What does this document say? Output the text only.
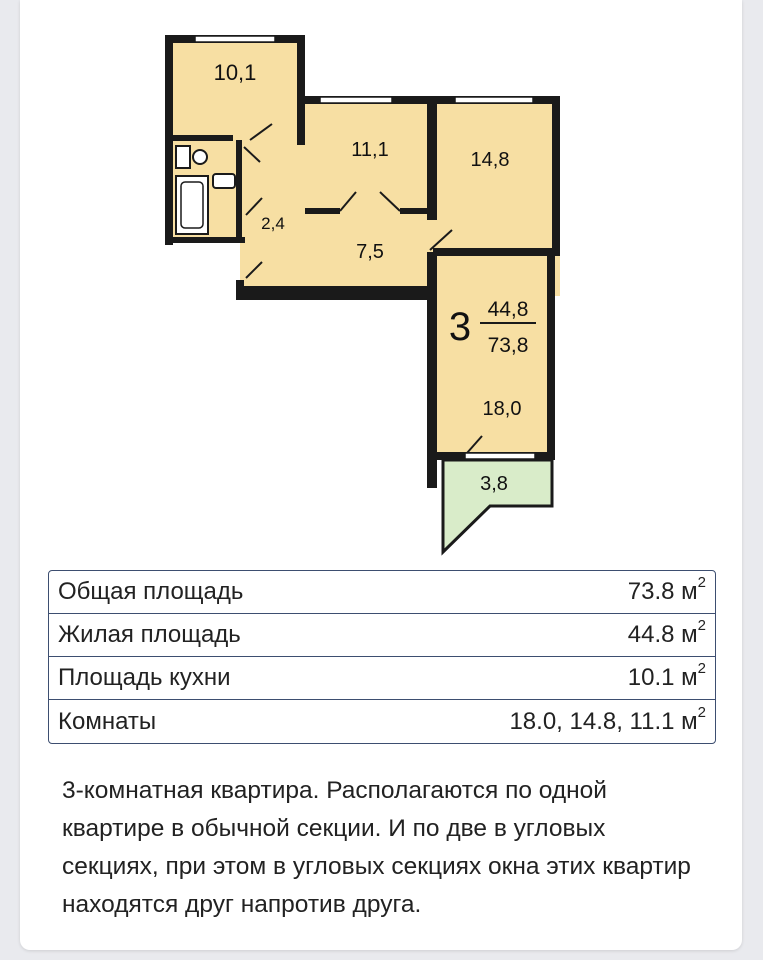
10,1
11,1	14,8
7,5
2,4
18,0
3,8
3 44,8
73,8
Общая площадь	73.8 $м^2$
Жилая площадь	44.8 $м^2$
Площадь кухни	10.1 $м^2$
Комнаты	18.0, 14.8, 11.1 $м^2$

3-комнатная квартира. Располагаются по одной квартире в обычной секции. И по две в угловых секциях, при этом в угловых секциях окна этих квартир находятся друг напротив друга.
